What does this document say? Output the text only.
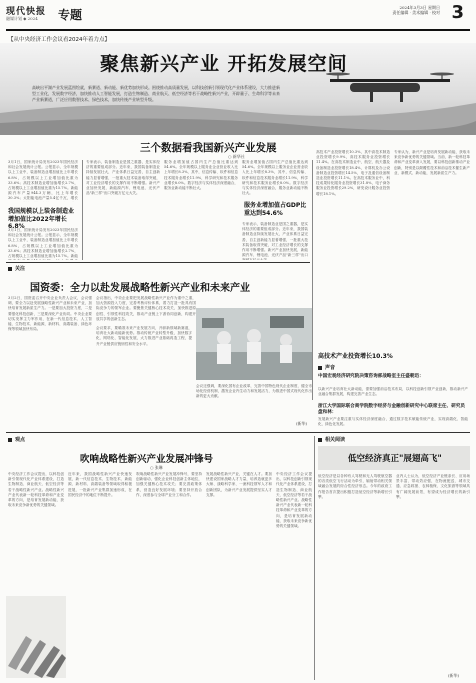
现代快报
融媒计划 ◆ 2024 专题
2024年3月3日 星期日
责任编辑 · 美术编辑 · 校对 3
【从中央经济工作会议看2024年着力点】
聚焦新兴产业 开拓发展空间
高峡出平湖产业发展蓝图绘就，新赛道、新动能、新优势加快形成。围绕推动高质量发展，以科技创新引领现代化产业体系建设，大力推进新型工业化，发展数字经济，加快推动人工智能发展，打造生物制造、商业航天、低空经济等若干战略性新兴产业，开辟量子、生命科学等未来产业新赛道，广泛应用数智技术、绿色技术，加快传统产业转型升级。
三个数据看我国新兴产业发展
○ 新华社
3月1日，国家统计局发布2023年国民经济和社会发展统计公报。公报显示，全年规模以上工业中，装备制造业增加值比上年增长6.8%，占规模以上工业增加值比重为33.6%；高技术制造业增加值增长2.7%，占规模以上工业增加值比重为15.7%。新能源汽车产量944.3万辆，比上年增长30.3%；太阳能电池产量5.4亿千瓦，增长
我国规模以上装备制造业增加值比2022年增长6.8%
3月1日，国家统计局发布2023年国民经济和社会发展统计公报。公报显示，全年规模以上工业中，装备制造业增加值比上年增长6.8%，占规模以上工业增加值比重为33.6%；高技术制造业增加值增长2.7%，占规模以上工业增加值比重为15.7%。新能
专家表示，装备制造业是国之重器，是实体经济的重要组成部分。近年来，我国装备制造业持续发展壮大，产业体系日益完善，自主创新能力显著增强，一批重大技术装备取得突破，对工业经济增长的支撑作用不断增强。新兴产业加快发展，新能源汽车、锂电池、光伏产品"新三样"出口突破万亿元大关。
服务业增加值占国内生产总值比重达到54.6%。全年规模以上服务业企业营业收入比上年增长8.3%，其中，信息传输、软件和信息技术服务业增长11.9%，科学研究和技术服务业增长8.0%。数字经济与实体经济深度融合，服务业新动能不断壮大。
服务业增加值占国内生产总值比重达到54.6%。全年规模以上服务业企业营业收入比上年增长8.3%，其中，信息传输、软件和信息技术服务业增长11.9%，科学研究和技术服务业增长8.0%。数字经济与实体经济深度融合，服务业新动能不断壮大。
服务业增加值占GDP比重达到54.6%
专家表示，装备制造业是国之重器，是实体经济的重要组成部分。近年来，我国装备制造业持续发展壮大，产业体系日益完善，自主创新能力显著增强，一批重大技术装备取得突破，对工业经济增长的支撑作用不断增强。新兴产业加快发展，新能源汽车、锂电池、光伏产品"新三样"出口
高技术产业投资增长10.3%，其中高技术制造业投资增长9.9%，高技术服务业投资增长11.4%。在高技术制造业中，航空、航天器及设备制造业投资增长18.4%，计算机及办公设备制造业投资增长14.5%，电子及通信设备制造业投资增长11.1%。在高技术服务业中，科技成果转化服务业投资增长31.8%，电子商务服务业投资增长29.2%，研发设计服务业投资增长18.1%。
专家认为，新兴产业是培育发展新动能、获取未来竞争新优势的关键领域。当前，新一轮科技革命和产业变革深入发展，要以科技创新推动产业创新，特别是以颠覆性技术和前沿技术催生新产业、新模式、新动能，发展新质生产力。
高技术产业投资增长10.3%
关注
国资委：全力以赴发展战略性新兴产业和未来产业
3月2日，国资委召开中央企业负责人会议，会议强调，要全力以赴发展战略性新兴产业和未来产业，加快培育发展新质生产力。一是要加大投资力度，二是要强化科技创新，三是要深化产业协同。中央企业要切实发挥主力军作用，在新一代信息技术、人工智能、生物技术、新能源、新材料、高端装备、绿色环保等领域加快布局。
会议指出，中央企业要把发展战略性新兴产业作为重中之重，加大资源投入力度，完善考核评价体系，着力打造一批具有国际竞争力的领军企业。要聚焦关键核心技术攻关，加快推进原创性、引领性科技攻关，推动产业链上下游协同创新，构建开放共享的创新生态。
会议要求，要瞄准未来产业发展方向，开辟新领域新赛道，培育壮大新动能新优势。推动传统产业转型升级，加快数字化、网络化、智能化发展，大力推进产业基础再造工程，提升产业链供应链韧性和安全水平。
会议还强调，要深化国有企业改革，完善中国特色现代企业制度，健全市场化经营机制，激发企业内生动力和发展活力，为推进中国式现代化作出新的更大贡献。
(新华)
声音
中国宏观经济研究院决策咨询部战略室主任盛朝迅：
以新兴产业培育壮大新动能，需要加强前沿技术布局，以科技创新引领产业创新，推动新兴产业融合集群发展，构建完善产业生态。
浙江大学国际联合商学院数字经济与金融创新研究中心联席主任、研究员盘和林：
发展新兴产业要注重与实体经济深度融合，通过数字技术赋能传统产业，实现高端化、智能化、绿色化发展。
观点
吹响战略性新兴产业发展冲锋号
○ 张琳
中央经济工作会议提出，以科技创新引领现代化产业体系建设，打造生物制造、商业航天、低空经济等若干战略性新兴产业。战略性新兴产业代表新一轮科技革命和产业变革的方向，是培育发展新动能、获取未来竞争新优势的关键领域。
近年来，我国战略性新兴产业快速发展，新一代信息技术、生物技术、新能源、新材料、高端装备等领域取得积极进展，一批新兴产业集群加速形成，在国民经济中的地位不断提升。
吹响战略性新兴产业发展冲锋号，要坚持创新驱动，强化企业科技创新主体地位，加强关键核心技术攻关；要完善政策体系，营造良好发展环境；要坚持开放合作，深度参与全球产业分工和合作。
发展战略性新兴产业，关键在人才。要加快建设国家战略人才力量，培养造就更多大师、战略科学家、一流科技领军人才和创新团队，为新兴产业发展提供坚实人才支撑。
中央经济工作会议提出，以科技创新引领现代化产业体系建设，打造生物制造、商业航天、低空经济等若干战略性新兴产业。战略性新兴产业代表新一轮科技革命和产业变革的方向，是培育发展新动能、获取未来竞争新优势的关键领域。
相关阅读
低空经济真正"展翅高飞"
低空经济是以各种有人驾驶和无人驾驶航空器的各类低空飞行活动为牵引，辐射带动相关领域融合发展的综合性经济形态。今年的政府工作报告首次提出积极打造低空经济等新增长引擎。
业内人士认为，低空经济产业链条长、应用场景丰富、带动效应强，在物流配送、城市交通、应急救援、农林植保、文化旅游等领域具有广阔发展前景，有望成为经济增长的新引擎。
(新华)
